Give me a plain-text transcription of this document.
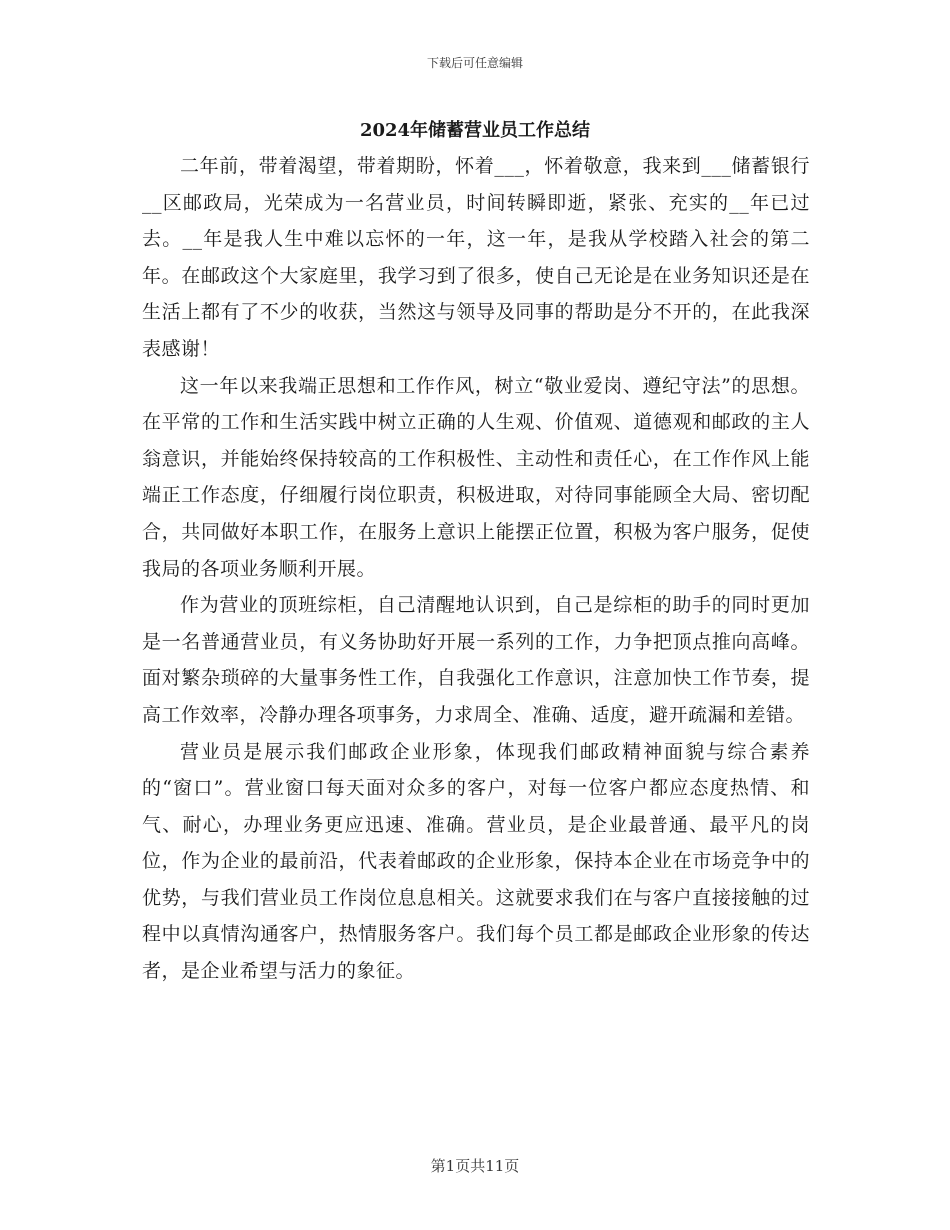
下载后可任意编辑
2024年储蓄营业员工作总结

二年前，带着渴望，带着期盼，怀着___，怀着敬意，我来到___储蓄银行__区邮政局，光荣成为一名营业员，时间转瞬即逝，紧张、充实的__年已过去。__年是我人生中难以忘怀的一年，这一年，是我从学校踏入社会的第二年。在邮政这个大家庭里，我学习到了很多，使自己无论是在业务知识还是在生活上都有了不少的收获，当然这与领导及同事的帮助是分不开的，在此我深表感谢！

这一年以来我端正思想和工作作风，树立“敬业爱岗、遵纪守法”的思想。在平常的工作和生活实践中树立正确的人生观、价值观、道德观和邮政的主人翁意识，并能始终保持较高的工作积极性、主动性和责任心，在工作作风上能端正工作态度，仔细履行岗位职责，积极进取，对待同事能顾全大局、密切配合，共同做好本职工作，在服务上意识上能摆正位置，积极为客户服务，促使我局的各项业务顺利开展。

作为营业的顶班综柜，自己清醒地认识到，自己是综柜的助手的同时更加是一名普通营业员，有义务协助好开展一系列的工作，力争把顶点推向高峰。面对繁杂琐碎的大量事务性工作，自我强化工作意识，注意加快工作节奏，提高工作效率，冷静办理各项事务，力求周全、准确、适度，避开疏漏和差错。

营业员是展示我们邮政企业形象，体现我们邮政精神面貌与综合素养的“窗口”。营业窗口每天面对众多的客户，对每一位客户都应态度热情、和气、耐心，办理业务更应迅速、准确。营业员，是企业最普通、最平凡的岗位，作为企业的最前沿，代表着邮政的企业形象，保持本企业在市场竞争中的优势，与我们营业员工作岗位息息相关。这就要求我们在与客户直接接触的过程中以真情沟通客户，热情服务客户。我们每个员工都是邮政企业形象的传达者，是企业希望与活力的象征。

第1页共11页
